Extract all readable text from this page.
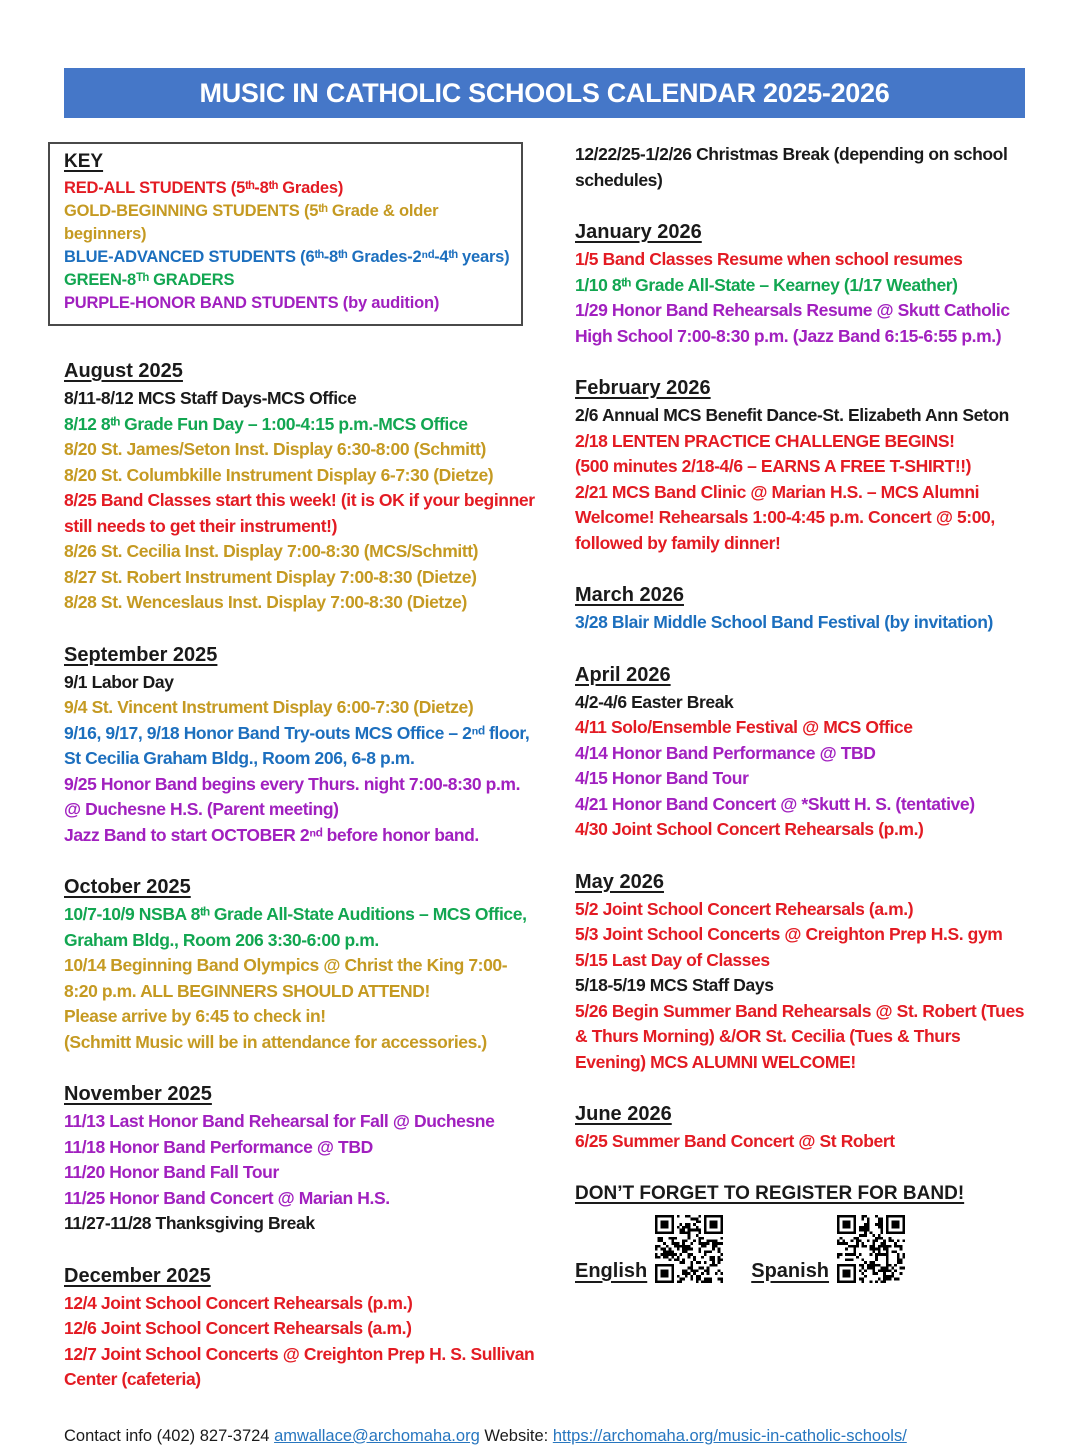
MUSIC IN CATHOLIC SCHOOLS CALENDAR 2025-2026
KEY
RED-ALL STUDENTS (5ᵗʰ-8ᵗʰ Grades)
GOLD-BEGINNING STUDENTS (5ᵗʰ Grade & older beginners)
BLUE-ADVANCED STUDENTS (6ᵗʰ-8ᵗʰ Grades-2ⁿᵈ-4ᵗʰ years)
GREEN-8ᵀʰ GRADERS
PURPLE-HONOR BAND STUDENTS (by audition)
August 2025
8/11-8/12 MCS Staff Days-MCS Office
8/12 8ᵗʰ Grade Fun Day – 1:00-4:15 p.m.-MCS Office
8/20 St. James/Seton Inst. Display 6:30-8:00 (Schmitt)
8/20 St. Columbkille Instrument Display 6-7:30 (Dietze)
8/25 Band Classes start this week! (it is OK if your beginner still needs to get their instrument!)
8/26 St. Cecilia Inst. Display 7:00-8:30 (MCS/Schmitt)
8/27 St. Robert Instrument Display 7:00-8:30 (Dietze)
8/28 St. Wenceslaus Inst. Display 7:00-8:30 (Dietze)
September 2025
9/1 Labor Day
9/4 St. Vincent Instrument Display 6:00-7:30 (Dietze)
9/16, 9/17, 9/18 Honor Band Try-outs MCS Office – 2ⁿᵈ floor, St Cecilia Graham Bldg., Room 206, 6-8 p.m.
9/25 Honor Band begins every Thurs. night 7:00-8:30 p.m. @ Duchesne H.S. (Parent meeting)
Jazz Band to start OCTOBER 2ⁿᵈ before honor band.
October 2025
10/7-10/9 NSBA 8ᵗʰ Grade All-State Auditions – MCS Office, Graham Bldg., Room 206 3:30-6:00 p.m.
10/14 Beginning Band Olympics @ Christ the King 7:00-8:20 p.m. ALL BEGINNERS SHOULD ATTEND!
Please arrive by 6:45 to check in!
(Schmitt Music will be in attendance for accessories.)
November 2025
11/13 Last Honor Band Rehearsal for Fall @ Duchesne
11/18 Honor Band Performance @ TBD
11/20 Honor Band Fall Tour
11/25 Honor Band Concert @ Marian H.S.
11/27-11/28 Thanksgiving Break
December 2025
12/4 Joint School Concert Rehearsals (p.m.)
12/6 Joint School Concert Rehearsals (a.m.)
12/7 Joint School Concerts @ Creighton Prep H. S. Sullivan Center (cafeteria)
12/22/25-1/2/26 Christmas Break (depending on school schedules)
January 2026
1/5 Band Classes Resume when school resumes
1/10 8ᵗʰ Grade All-State – Kearney (1/17 Weather)
1/29 Honor Band Rehearsals Resume @ Skutt Catholic High School 7:00-8:30 p.m. (Jazz Band 6:15-6:55 p.m.)
February 2026
2/6 Annual MCS Benefit Dance-St. Elizabeth Ann Seton
2/18 LENTEN PRACTICE CHALLENGE BEGINS!
(500 minutes 2/18-4/6 – EARNS A FREE T-SHIRT!!)
2/21 MCS Band Clinic @ Marian H.S. – MCS Alumni Welcome! Rehearsals 1:00-4:45 p.m. Concert @ 5:00, followed by family dinner!
March 2026
3/28 Blair Middle School Band Festival (by invitation)
April 2026
4/2-4/6 Easter Break
4/11 Solo/Ensemble Festival @ MCS Office
4/14 Honor Band Performance @ TBD
4/15 Honor Band Tour
4/21 Honor Band Concert @ *Skutt H. S. (tentative)
4/30 Joint School Concert Rehearsals (p.m.)
May 2026
5/2 Joint School Concert Rehearsals (a.m.)
5/3 Joint School Concerts @ Creighton Prep H.S. gym
5/15 Last Day of Classes
5/18-5/19 MCS Staff Days
5/26 Begin Summer Band Rehearsals @ St. Robert (Tues & Thurs Morning) &/OR St. Cecilia (Tues & Thurs Evening) MCS ALUMNI WELCOME!
June 2026
6/25 Summer Band Concert @ St Robert
DON’T FORGET TO REGISTER FOR BAND!
English	Spanish
Contact info (402) 827-3724 amwallace@archomaha.org Website: https://archomaha.org/music-in-catholic-schools/
